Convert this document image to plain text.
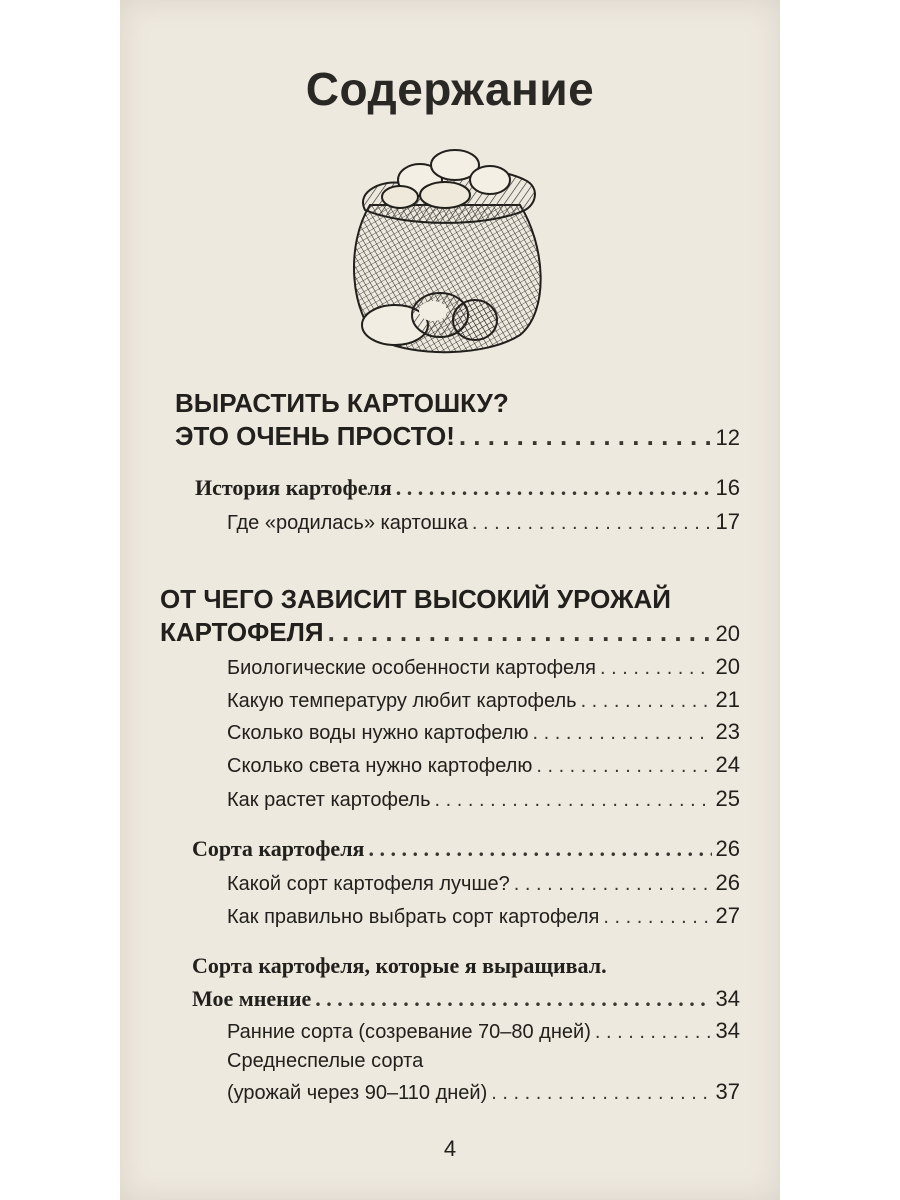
Содержание
ВЫРАСТИТЬ КАРТОШКУ?
ЭТО ОЧЕНЬ ПРОСТО! . . .	12
История картофеля . . .	16
Где «родилась» картошка . . .	17
ОТ ЧЕГО ЗАВИСИТ ВЫСОКИЙ УРОЖАЙ
КАРТОФЕЛЯ . . .	20
Биологические особенности картофеля . . .	20
Какую температуру любит картофель . . .	21
Сколько воды нужно картофелю . . .	23
Сколько света нужно картофелю . . .	24
Как растет картофель . . .	25
Сорта картофеля . . .	26
Какой сорт картофеля лучше? . . .	26
Как правильно выбрать сорт картофеля . . .	27
Сорта картофеля, которые я выращивал.
Мое мнение . . .	34
Ранние сорта (созревание 70–80 дней) . . .	34
Среднеспелые сорта
(урожай через 90–110 дней) . . .	37
4
